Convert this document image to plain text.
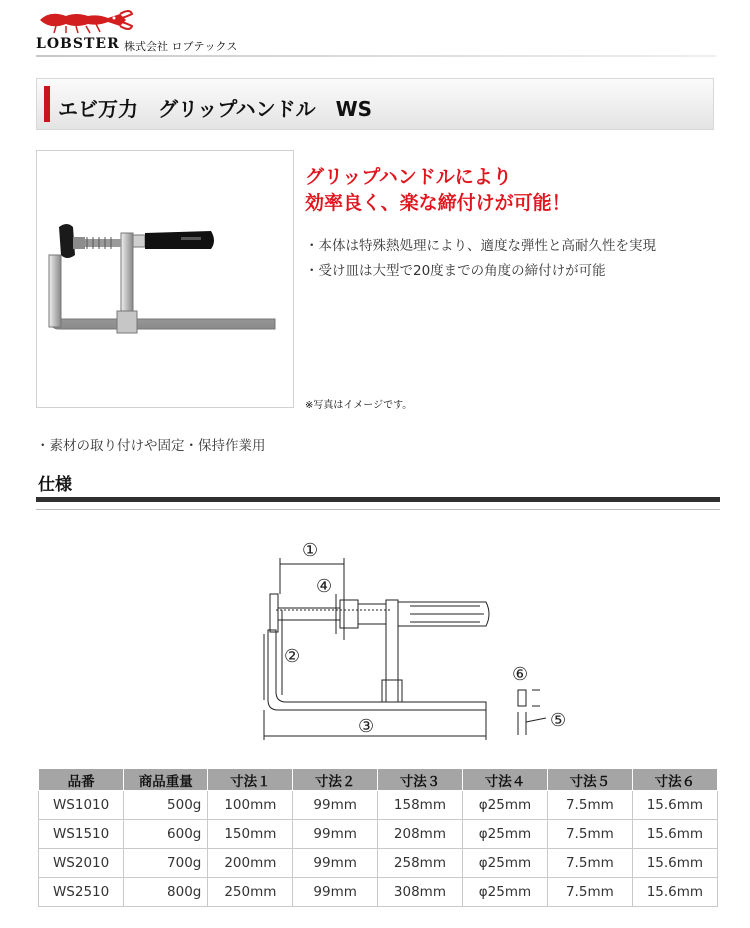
LOBSTER 株式会社 ロブテックス
エビ万力　グリップハンドル　WS
グリップハンドルにより
効率良く、楽な締付けが可能！
・本体は特殊熱処理により、適度な弾性と高耐久性を実現
・受け皿は大型で20度までの角度の締付けが可能
※写真はイメージです。
・素材の取り付けや固定・保持作業用
仕様
①
②
③
④
⑤
⑥
品番	商品重量	寸法１	寸法２	寸法３	寸法４	寸法５	寸法６
WS1010	500g	100mm	99mm	158mm	φ25mm	7.5mm	15.6mm
WS1510	600g	150mm	99mm	208mm	φ25mm	7.5mm	15.6mm
WS2010	700g	200mm	99mm	258mm	φ25mm	7.5mm	15.6mm
WS2510	800g	250mm	99mm	308mm	φ25mm	7.5mm	15.6mm
